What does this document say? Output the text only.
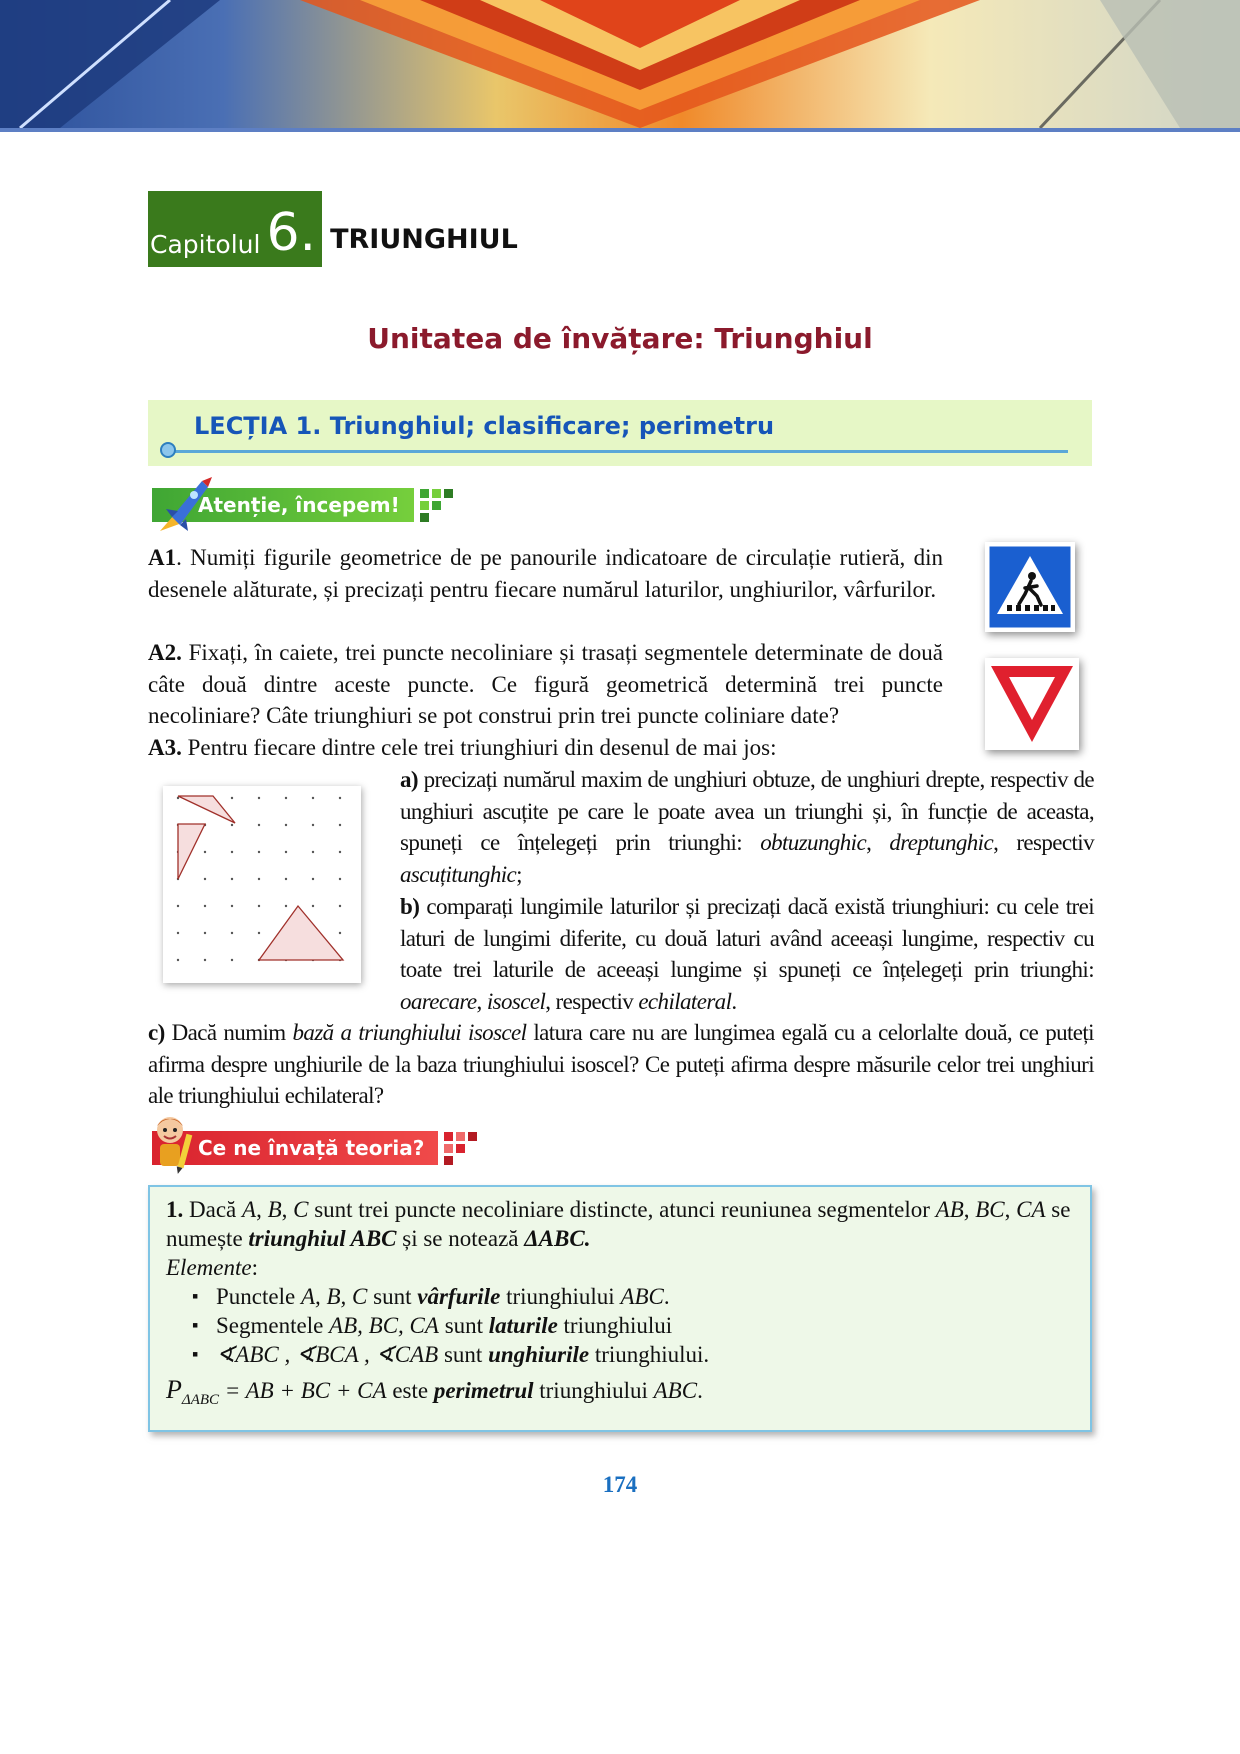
Capitolul 6. TRIUNGHIUL
Unitatea de învățare: Triunghiul
LECȚIA 1. Triunghiul; clasificare; perimetru
Atenție, începem!
A1. Numiți figurile geometrice de pe panourile indicatoare de circulație rutieră, din desenele alăturate, și precizați pentru fiecare numărul laturilor, unghiurilor, vârfurilor.
A2. Fixați, în caiete, trei puncte necoliniare și trasați segmentele determinate de două câte două dintre aceste puncte. Ce figură geometrică determină trei puncte necoliniare? Câte triunghiuri se pot construi prin trei puncte coliniare date?
A3. Pentru fiecare dintre cele trei triunghiuri din desenul de mai jos:
a) precizați numărul maxim de unghiuri obtuze, de unghiuri drepte, respectiv de unghiuri ascuțite pe care le poate avea un triunghi și, în funcție de aceasta, spuneți ce înțelegeți prin triunghi: obtuzunghic, dreptunghic, respectiv ascuțitunghic;
b) comparați lungimile laturilor și precizați dacă există triunghiuri: cu cele trei laturi de lungimi diferite, cu două laturi având aceeași lungime, respectiv cu toate trei laturile de aceeași lungime și spuneți ce înțelegeți prin triunghi: oarecare, isoscel, respectiv echilateral.
c) Dacă numim bază a triunghiului isoscel latura care nu are lungimea egală cu a celorlalte două, ce puteți afirma despre unghiurile de la baza triunghiului isoscel? Ce puteți afirma despre măsurile celor trei unghiuri ale triunghiului echilateral?
Ce ne învață teoria?
1. Dacă A, B, C sunt trei puncte necoliniare distincte, atunci reuniunea segmentelor AB, BC, CA se numește triunghiul ABC și se notează ΔABC.
Elemente:
▪ Punctele A, B, C sunt vârfurile triunghiului ABC.
▪ Segmentele AB, BC, CA sunt laturile triunghiului
▪ ∢ABC , ∢BCA , ∢CAB sunt unghiurile triunghiului.
$P_{\Delta ABC}$ = AB + BC + CA este perimetrul triunghiului ABC.
174
